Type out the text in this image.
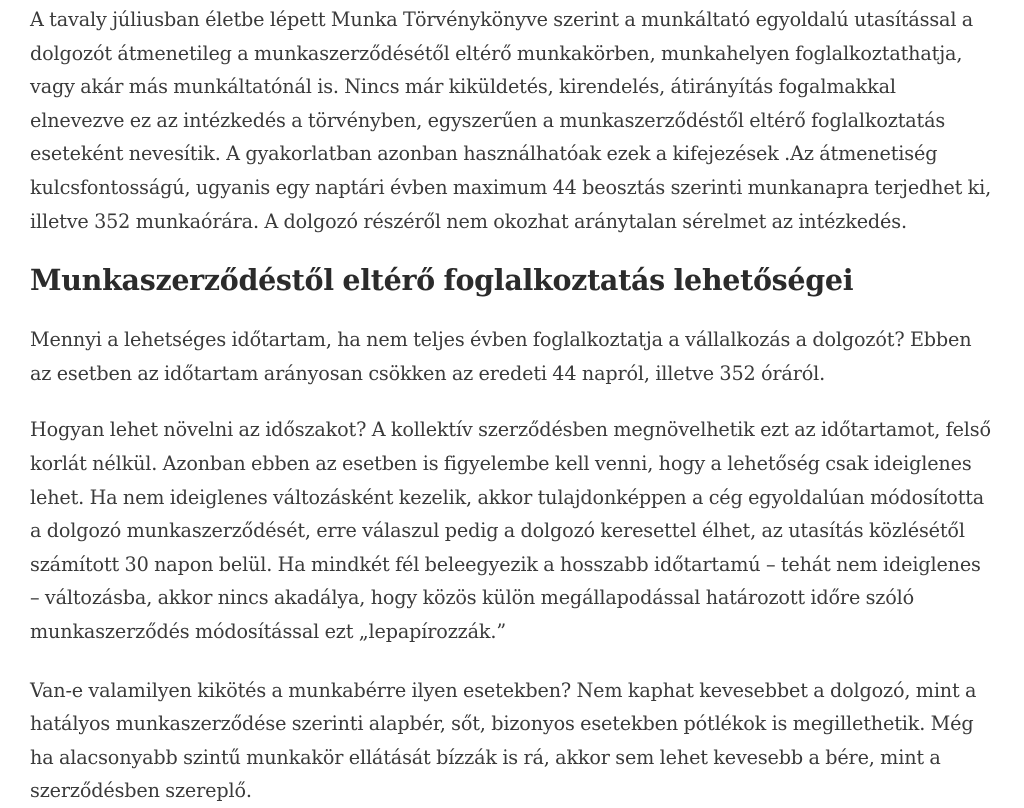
A tavaly júliusban életbe lépett Munka Törvénykönyve szerint a munkáltató egyoldalú utasítással a dolgozót átmenetileg a munkaszerződésétől eltérő munkakörben, munkahelyen foglalkoztathatja, vagy akár más munkáltatónál is. Nincs már kiküldetés, kirendelés, átirányítás fogalmakkal elnevezve ez az intézkedés a törvényben, egyszerűen a munkaszerződéstől eltérő foglalkoztatás eseteként nevesítik. A gyakorlatban azonban használhatóak ezek a kifejezések .Az átmenetiség kulcsfontosságú, ugyanis egy naptári évben maximum 44 beosztás szerinti munkanapra terjedhet ki, illetve 352 munkaórára. A dolgozó részéről nem okozhat aránytalan sérelmet az intézkedés.

Munkaszerződéstől eltérő foglalkoztatás lehetőségei

Mennyi a lehetséges időtartam, ha nem teljes évben foglalkoztatja a vállalkozás a dolgozót? Ebben az esetben az időtartam arányosan csökken az eredeti 44 napról, illetve 352 óráról.

Hogyan lehet növelni az időszakot? A kollektív szerződésben megnövelhetik ezt az időtartamot, felső korlát nélkül. Azonban ebben az esetben is figyelembe kell venni, hogy a lehetőség csak ideiglenes lehet. Ha nem ideiglenes változásként kezelik, akkor tulajdonképpen a cég egyoldalúan módosította a dolgozó munkaszerződését, erre válaszul pedig a dolgozó keresettel élhet, az utasítás közlésétől számított 30 napon belül. Ha mindkét fél beleegyezik a hosszabb időtartamú – tehát nem ideiglenes – változásba, akkor nincs akadálya, hogy közös külön megállapodással határozott időre szóló munkaszerződés módosítással ezt „lepapírozzák.”

Van-e valamilyen kikötés a munkabérre ilyen esetekben? Nem kaphat kevesebbet a dolgozó, mint a hatályos munkaszerződése szerinti alapbér, sőt, bizonyos esetekben pótlékok is megillethetik. Még ha alacsonyabb szintű munkakör ellátását bízzák is rá, akkor sem lehet kevesebb a bére, mint a szerződésben szereplő.
